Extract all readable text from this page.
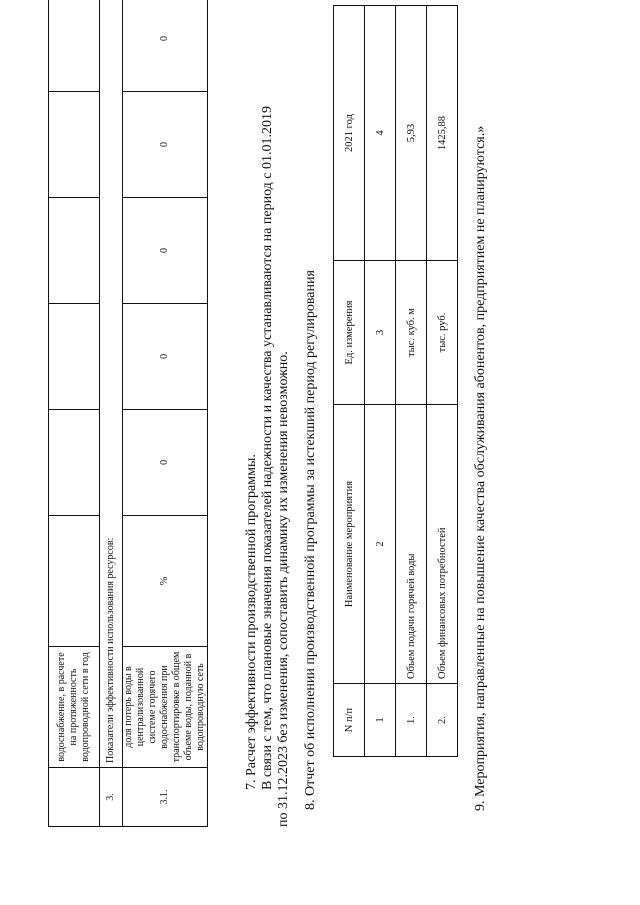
	водоснабжение, в расчете на протяженность водопроводной сети в год						
3.	Показатели эффективности использования ресурсов:						
3.1.	доля потерь воды в централизованной системе горячего водоснабжения при транспортировке в общем объеме воды, поданной в водопроводную сеть	%	0	0	0	0	0
7. Расчет эффективности производственной программы. В связи с тем, что плановые значения показателей надежности и качества устанавливаются на период с 01.01.2019 по 31.12.2023 без изменения, сопоставить динамику их изменения невозможно. 8. Отчет об исполнении производственной программы за истекший период регулирования N п/п	Наименование мероприятия	Ед. измерения	2021 год
1	2	3	4
1.	Объем подачи горячей воды	тыс. куб. м	5,93
2.	Объем финансовых потребностей	тыс. руб.	1425,88 9. Мероприятия, направленные на повышение качества обслуживания абонентов, предприятием не планируются.»
